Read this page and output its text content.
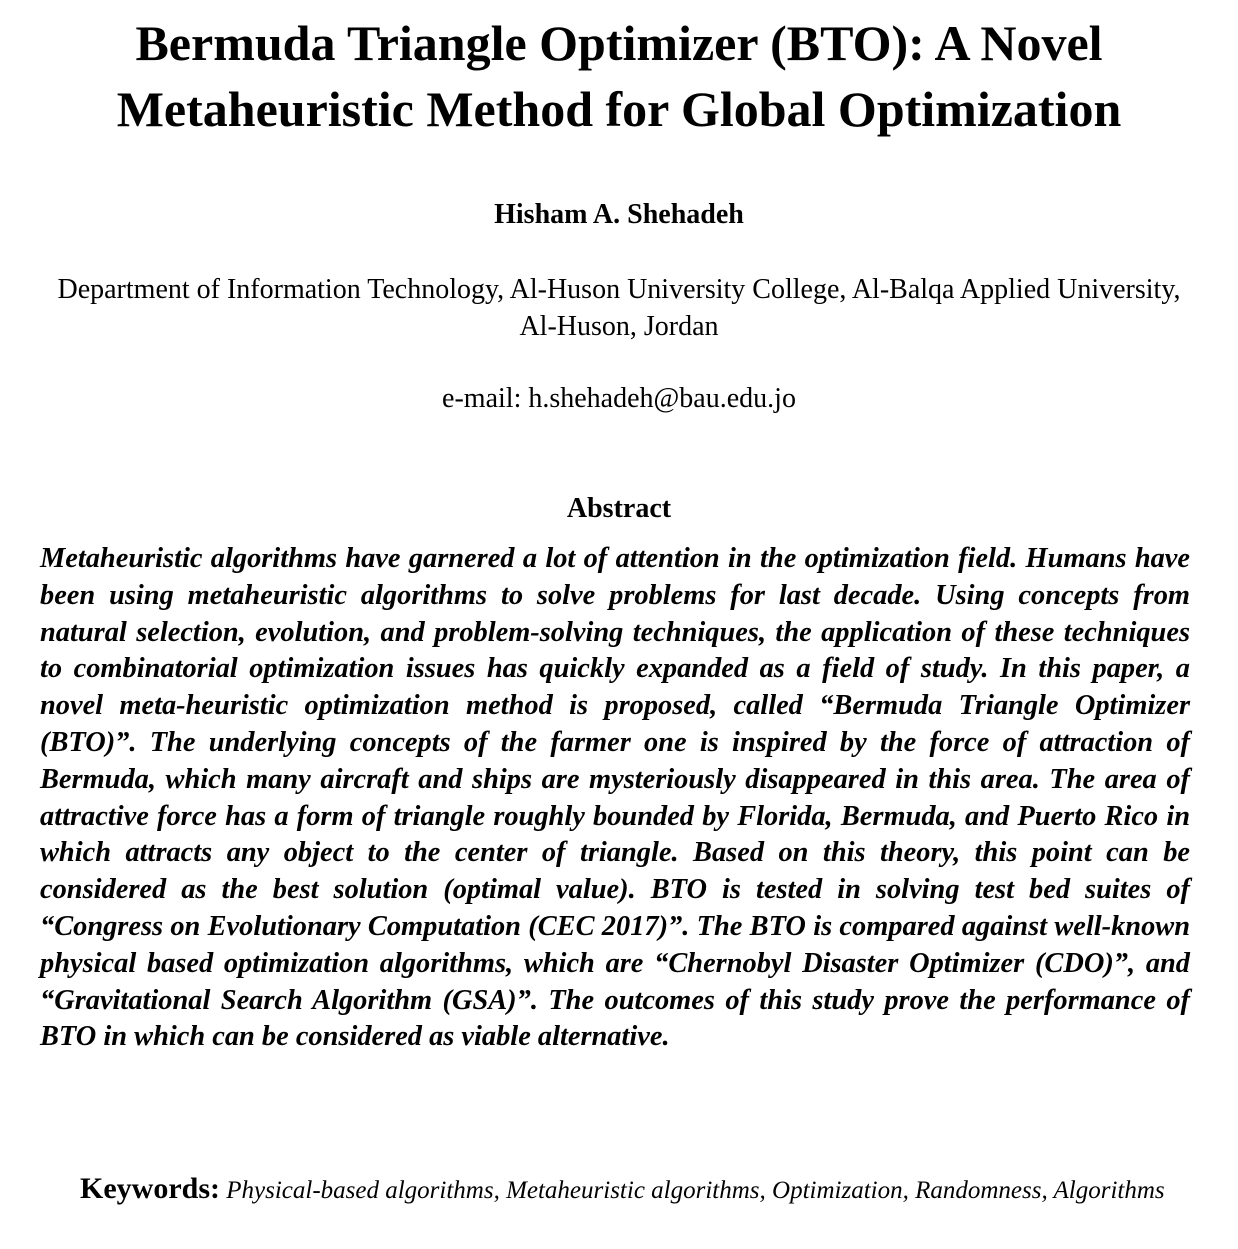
Bermuda Triangle Optimizer (BTO): A Novel Metaheuristic Method for Global Optimization

Hisham A. Shehadeh

Department of Information Technology, Al-Huson University College, Al-Balqa Applied University, Al-Huson, Jordan

e-mail: h.shehadeh@bau.edu.jo

Abstract

Metaheuristic algorithms have garnered a lot of attention in the optimization field. Humans have been using metaheuristic algorithms to solve problems for last decade. Using concepts from natural selection, evolution, and problem-solving techniques, the application of these techniques to combinatorial optimization issues has quickly expanded as a field of study. In this paper, a novel meta-heuristic optimization method is proposed, called “Bermuda Triangle Optimizer (BTO)”. The underlying concepts of the farmer one is inspired by the force of attraction of Bermuda, which many aircraft and ships are mysteriously disappeared in this area. The area of attractive force has a form of triangle roughly bounded by Florida, Bermuda, and Puerto Rico in which attracts any object to the center of triangle. Based on this theory, this point can be considered as the best solution (optimal value). BTO is tested in solving test bed suites of “Congress on Evolutionary Computation (CEC 2017)”. The BTO is compared against well-known physical based optimization algorithms, which are “Chernobyl Disaster Optimizer (CDO)”, and “Gravitational Search Algorithm (GSA)”. The outcomes of this study prove the performance of BTO in which can be considered as viable alternative.

Keywords: Physical-based algorithms, Metaheuristic algorithms, Optimization, Randomness, Algorithms
